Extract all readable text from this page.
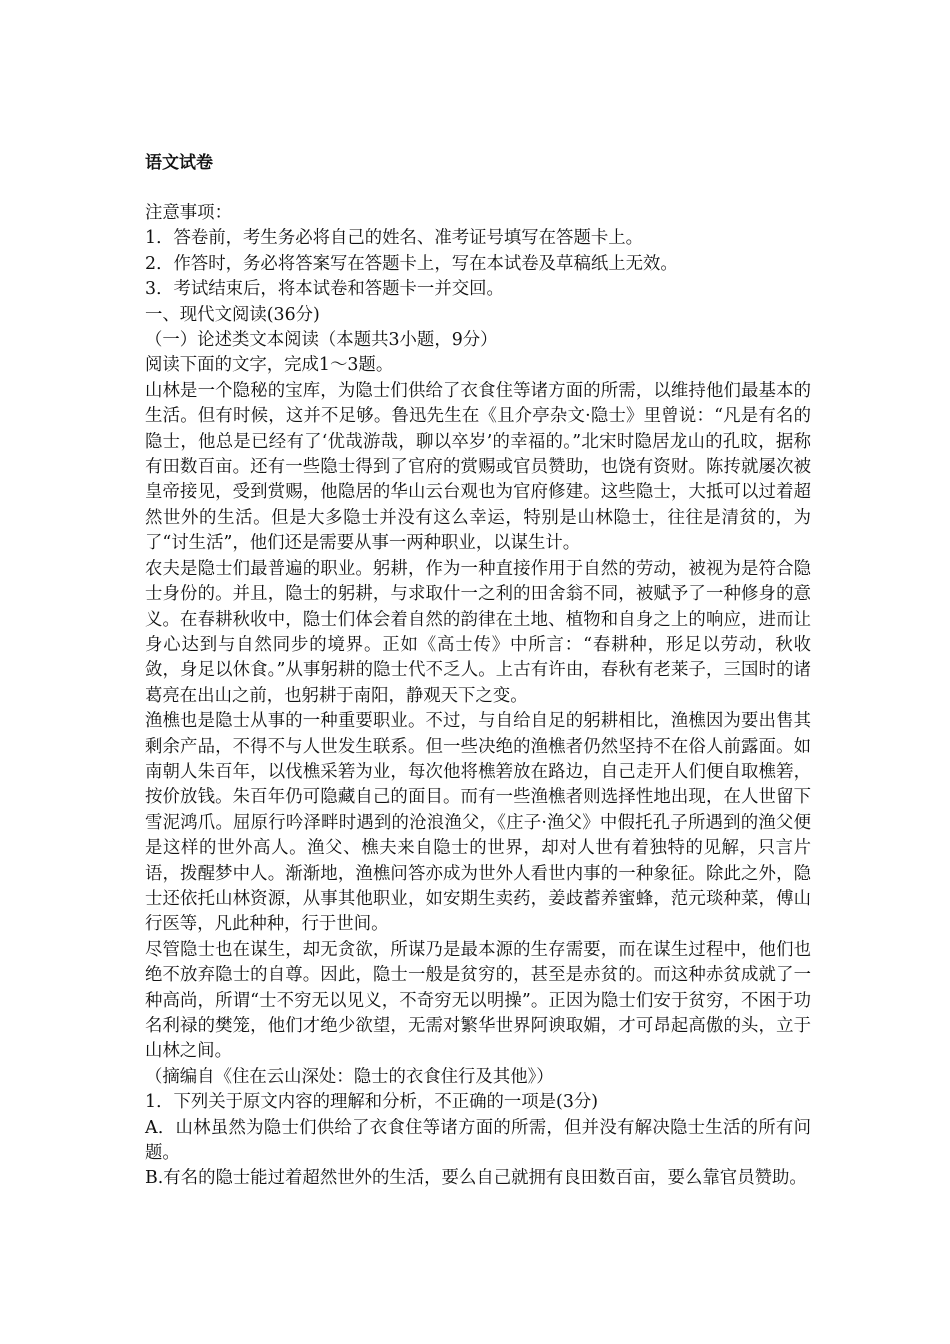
语文试卷

注意事项：

1．答卷前，考生务必将自己的姓名、准考证号填写在答题卡上。

2．作答时，务必将答案写在答题卡上，写在本试卷及草稿纸上无效。

3．考试结束后，将本试卷和答题卡一并交回。

一、现代文阅读(36分)

（一）论述类文本阅读（本题共3小题，9分）

阅读下面的文字，完成1～3题。

山林是一个隐秘的宝库，为隐士们供给了衣食住等诸方面的所需，以维持他们最基本的生活。但有时候，这并不足够。鲁迅先生在《且介亭杂文·隐士》里曾说：“凡是有名的隐士，他总是已经有了‘优哉游哉，聊以卒岁’的幸福的。”北宋时隐居龙山的孔旼，据称有田数百亩。还有一些隐士得到了官府的赏赐或官员赞助，也饶有资财。陈抟就屡次被皇帝接见，受到赏赐，他隐居的华山云台观也为官府修建。这些隐士，大抵可以过着超然世外的生活。但是大多隐士并没有这么幸运，特别是山林隐士，往往是清贫的，为了“讨生活”，他们还是需要从事一两种职业，以谋生计。

农夫是隐士们最普遍的职业。躬耕，作为一种直接作用于自然的劳动，被视为是符合隐士身份的。并且，隐士的躬耕，与求取什一之利的田舍翁不同，被赋予了一种修身的意义。在春耕秋收中，隐士们体会着自然的韵律在土地、植物和自身之上的响应，进而让身心达到与自然同步的境界。正如《高士传》中所言：“春耕种，形足以劳动，秋收敛，身足以休食。”从事躬耕的隐士代不乏人。上古有许由，春秋有老莱子，三国时的诸葛亮在出山之前，也躬耕于南阳，静观天下之变。

渔樵也是隐士从事的一种重要职业。不过，与自给自足的躬耕相比，渔樵因为要出售其剩余产品，不得不与人世发生联系。但一些决绝的渔樵者仍然坚持不在俗人前露面。如南朝人朱百年，以伐樵采箬为业，每次他将樵箬放在路边，自己走开人们便自取樵箬，按价放钱。朱百年仍可隐藏自己的面目。而有一些渔樵者则选择性地出现，在人世留下雪泥鸿爪。屈原行吟泽畔时遇到的沧浪渔父，《庄子·渔父》中假托孔子所遇到的渔父便是这样的世外高人。渔父、樵夫来自隐士的世界，却对人世有着独特的见解，只言片语，拨醒梦中人。渐渐地，渔樵问答亦成为世外人看世内事的一种象征。除此之外，隐士还依托山林资源，从事其他职业，如安期生卖药，姜歧蓄养蜜蜂，范元琰种菜，傅山行医等，凡此种种，行于世间。

尽管隐士也在谋生，却无贪欲，所谋乃是最本源的生存需要，而在谋生过程中，他们也绝不放弃隐士的自尊。因此，隐士一般是贫穷的，甚至是赤贫的。而这种赤贫成就了一种高尚，所谓“士不穷无以见义，不奇穷无以明操”。正因为隐士们安于贫穷，不困于功名利禄的樊笼，他们才绝少欲望，无需对繁华世界阿谀取媚，才可昂起高傲的头，立于山林之间。

（摘编自《住在云山深处：隐士的衣食住行及其他》）

1．下列关于原文内容的理解和分析，不正确的一项是(3分)

A．山林虽然为隐士们供给了衣食住等诸方面的所需，但并没有解决隐士生活的所有问题。

B.有名的隐士能过着超然世外的生活，要么自己就拥有良田数百亩，要么靠官员赞助。
